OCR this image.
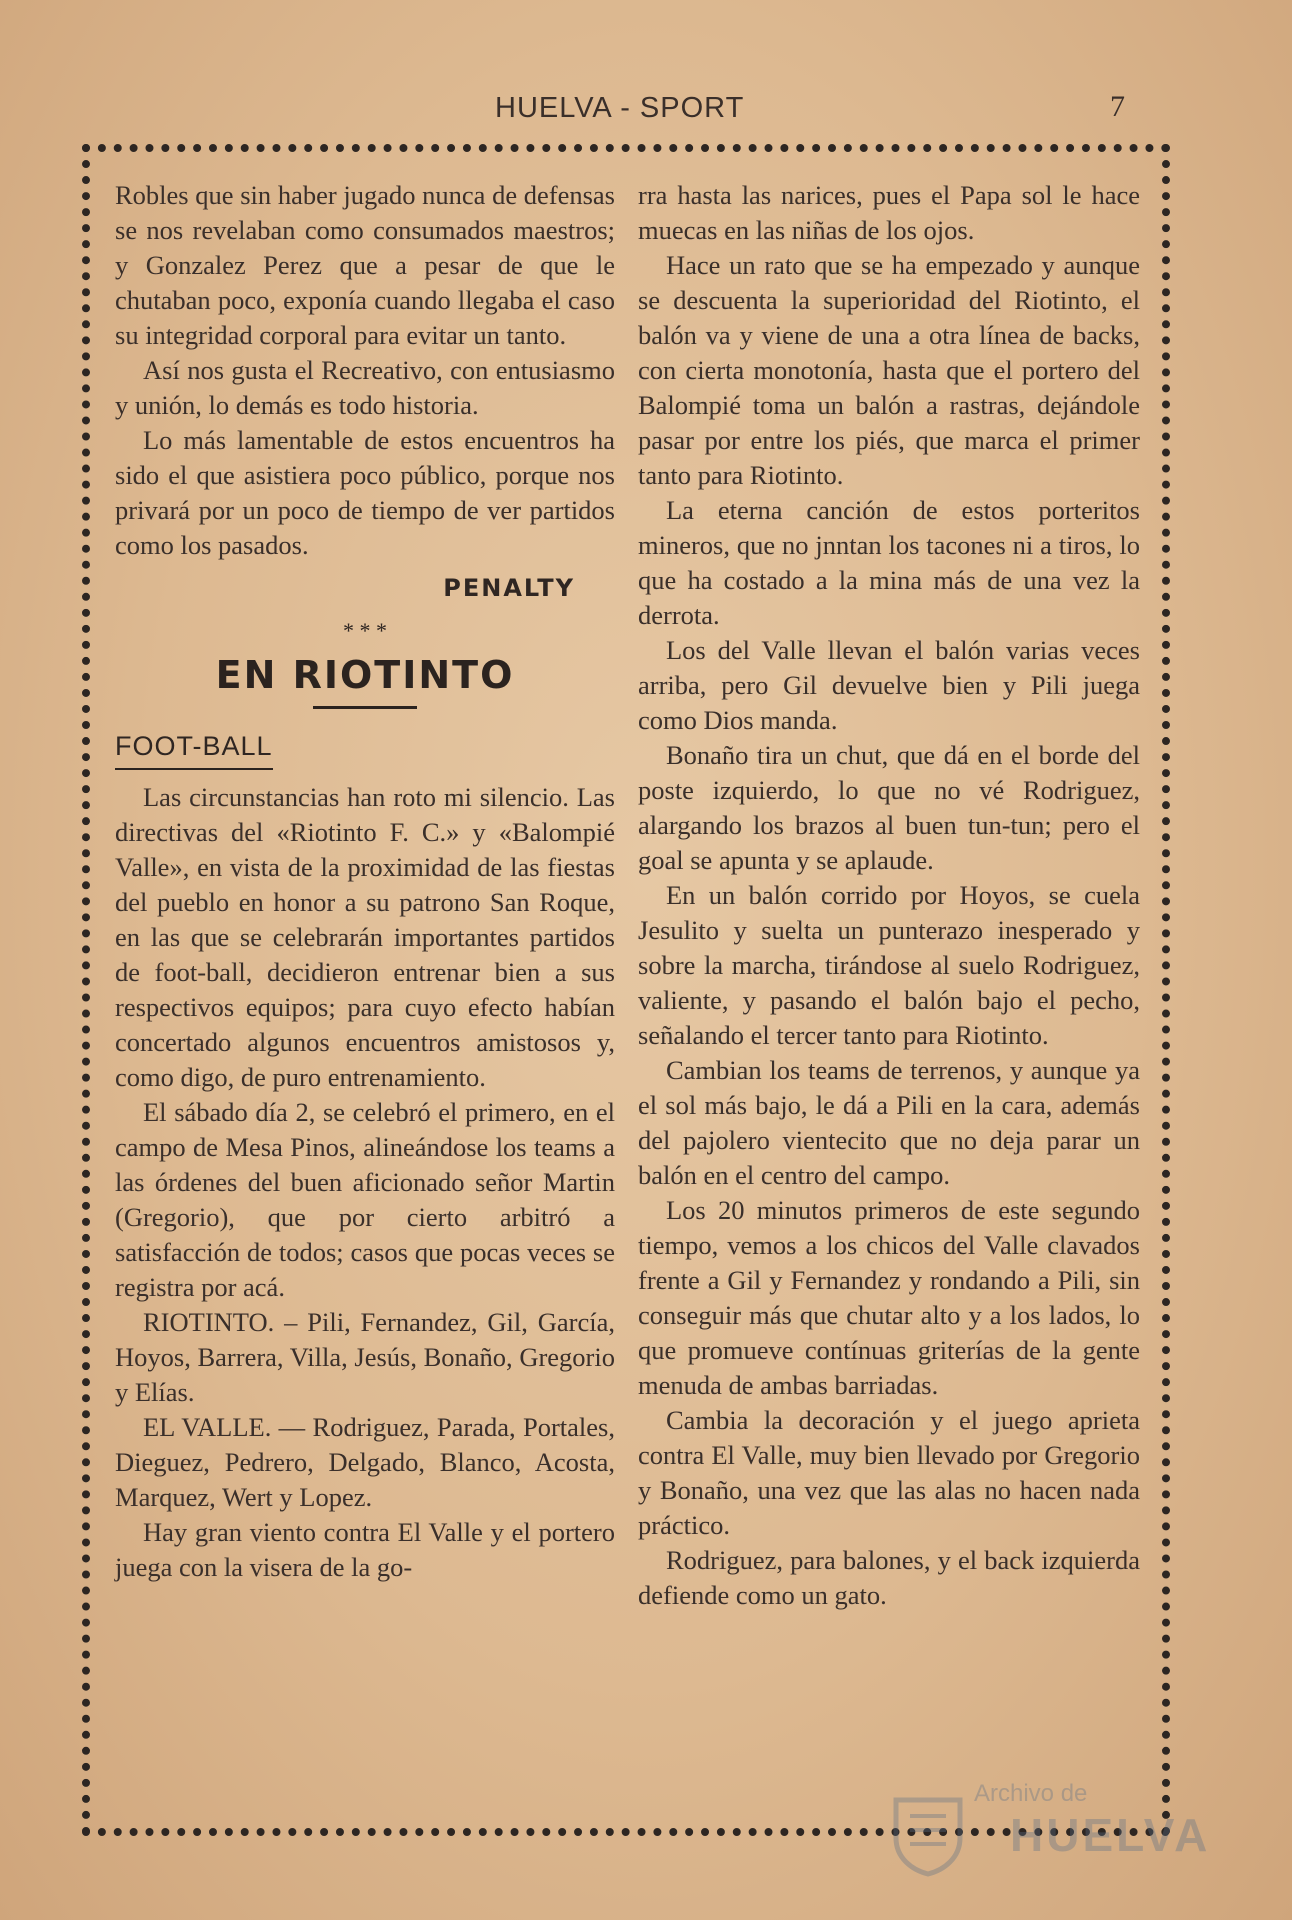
HUELVA - SPORT	7

Robles que sin haber jugado nunca de defensas se nos revelaban como consumados maestros; y Gonzalez Perez que a pesar de que le chutaban poco, exponía cuando llegaba el caso su integridad corporal para evitar un tanto.

Así nos gusta el Recreativo, con entusiasmo y unión, lo demás es todo historia.

Lo más lamentable de estos encuentros ha sido el que asistiera poco público, porque nos privará por un poco de tiempo de ver partidos como los pasados.

PENALTY
* * *
EN RIOTINTO
FOOT-BALL

Las circunstancias han roto mi silencio. Las directivas del «Riotinto F. C.» y «Balompié Valle», en vista de la proximidad de las fiestas del pueblo en honor a su patrono San Roque, en las que se celebrarán importantes partidos de foot-ball, decidieron entrenar bien a sus respectivos equipos; para cuyo efecto habían concertado algunos encuentros amistosos y, como digo, de puro entrenamiento.

El sábado día 2, se celebró el primero, en el campo de Mesa Pinos, alineándose los teams a las órdenes del buen aficionado señor Martin (Gregorio), que por cierto arbitró a satisfacción de todos; casos que pocas veces se registra por acá.

RIOTINTO. – Pili, Fernandez, Gil, García, Hoyos, Barrera, Villa, Jesús, Bonaño, Gregorio y Elías.

EL VALLE. — Rodriguez, Parada, Portales, Dieguez, Pedrero, Delgado, Blanco, Acosta, Marquez, Wert y Lopez.

Hay gran viento contra El Valle y el portero juega con la visera de la go-

rra hasta las narices, pues el Papa sol le hace muecas en las niñas de los ojos.

Hace un rato que se ha empezado y aunque se descuenta la superioridad del Riotinto, el balón va y viene de una a otra línea de backs, con cierta monotonía, hasta que el portero del Balompié toma un balón a rastras, dejándole pasar por entre los piés, que marca el primer tanto para Riotinto.

La eterna canción de estos porteritos mineros, que no jnntan los tacones ni a tiros, lo que ha costado a la mina más de una vez la derrota.

Los del Valle llevan el balón varias veces arriba, pero Gil devuelve bien y Pili juega como Dios manda.

Bonaño tira un chut, que dá en el borde del poste izquierdo, lo que no vé Rodriguez, alargando los brazos al buen tun-tun; pero el goal se apunta y se aplaude.

En un balón corrido por Hoyos, se cuela Jesulito y suelta un punterazo inesperado y sobre la marcha, tirándose al suelo Rodriguez, valiente, y pasando el balón bajo el pecho, señalando el tercer tanto para Riotinto.

Cambian los teams de terrenos, y aunque ya el sol más bajo, le dá a Pili en la cara, además del pajolero vientecito que no deja parar un balón en el centro del campo.

Los 20 minutos primeros de este segundo tiempo, vemos a los chicos del Valle clavados frente a Gil y Fernandez y rondando a Pili, sin conseguir más que chutar alto y a los lados, lo que promueve contínuas griterías de la gente menuda de ambas barriadas.

Cambia la decoración y el juego aprieta contra El Valle, muy bien llevado por Gregorio y Bonaño, una vez que las alas no hacen nada práctico.

Rodriguez, para balones, y el back izquierda defiende como un gato.

Archivo de
HUELVA
